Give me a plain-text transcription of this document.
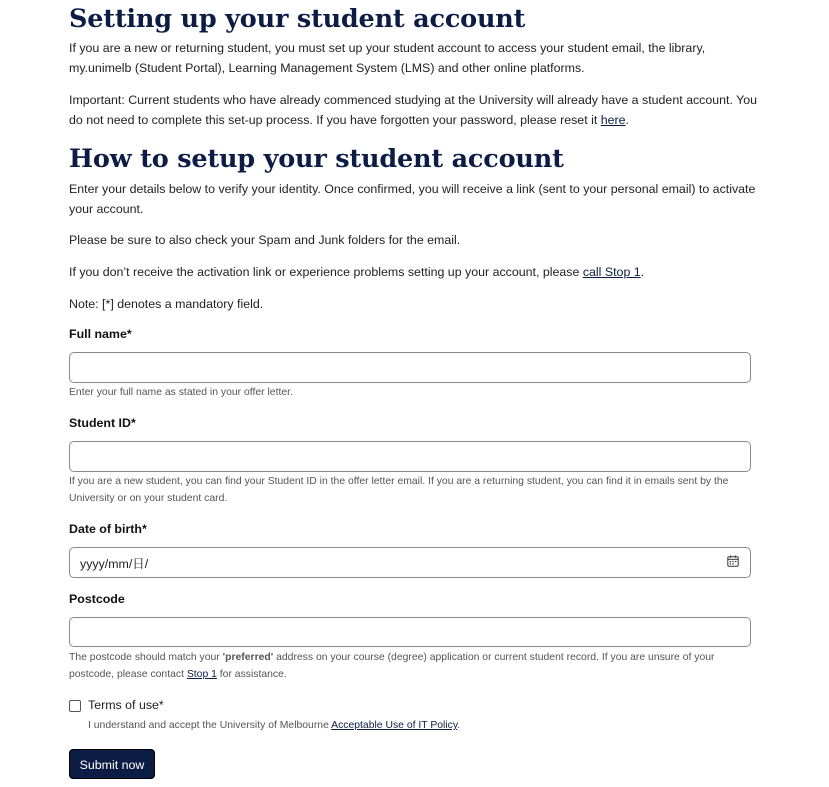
Setting up your student account

If you are a new or returning student, you must set up your student account to access your student email, the library, my.unimelb (Student Portal), Learning Management System (LMS) and other online platforms.

Important: Current students who have already commenced studying at the University will already have a student account. You do not need to complete this set-up process. If you have forgotten your password, please reset it here.

How to setup your student account

Enter your details below to verify your identity. Once confirmed, you will receive a link (sent to your personal email) to activate your account.

Please be sure to also check your Spam and Junk folders for the email.

If you don’t receive the activation link or experience problems setting up your account, please call Stop 1.

Note: [*] denotes a mandatory field.

Full name*
Enter your full name as stated in your offer letter.
Student ID*
If you are a new student, you can find your Student ID in the offer letter email. If you are a returning student, you can find it in emails sent by the University or on your student card.
Date of birth*
yyyy/mm/日/
Postcode
The postcode should match your 'preferred' address on your course (degree) application or current student record. If you are unsure of your postcode, please contact Stop 1 for assistance.
Terms of use*
I understand and accept the University of Melbourne Acceptable Use of IT Policy.
Submit now
